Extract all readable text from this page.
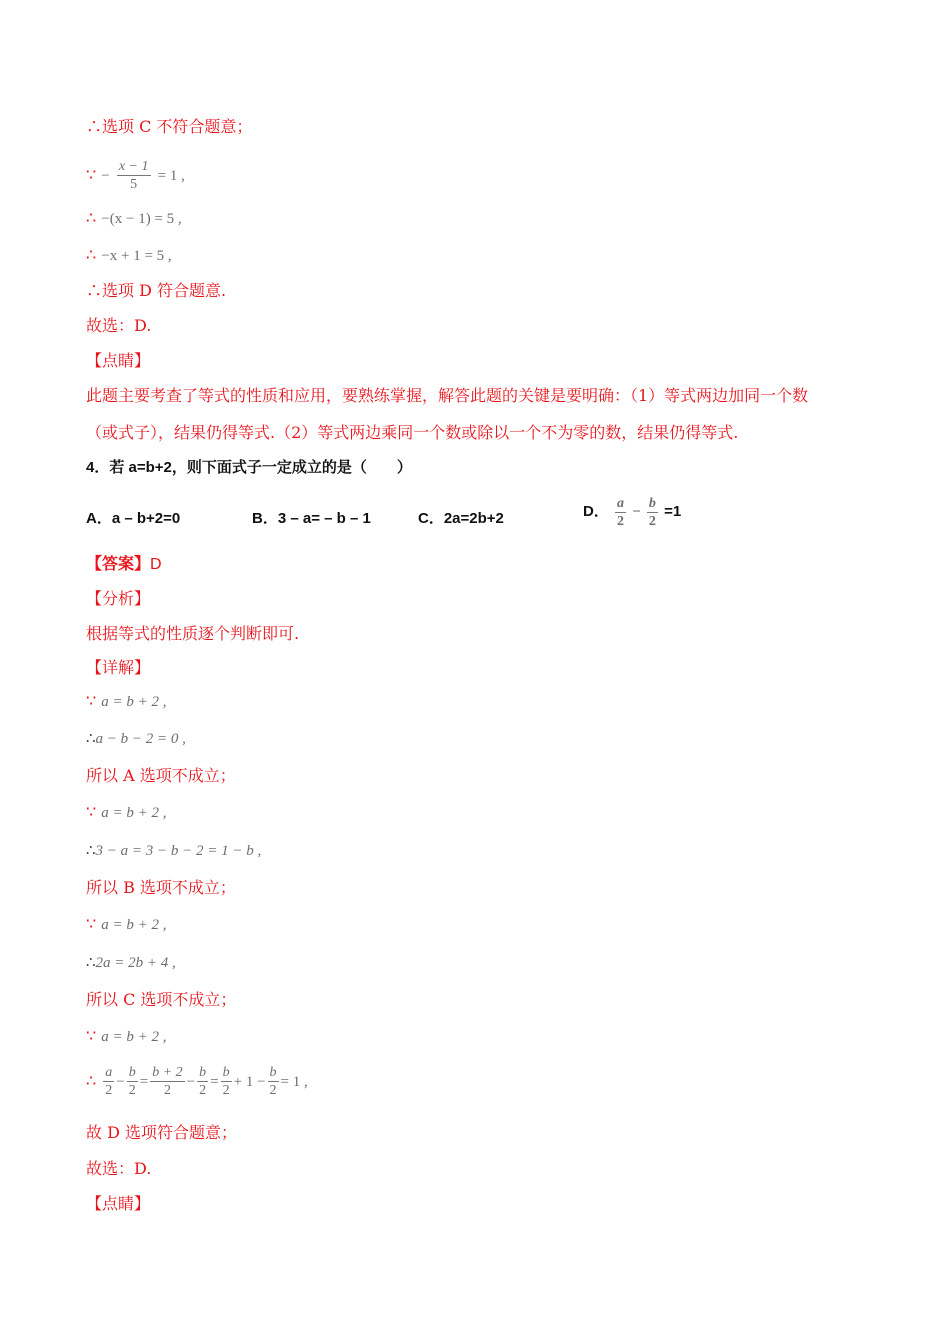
∴选项 C 不符合题意；
∵ − $\frac{x - 1}{5} = 1$ ,
∴ −(x − 1) = 5 ,
∴ −x + 1 = 5 ,
∴选项 D 符合题意.
故选：D.
【点睛】
此题主要考查了等式的性质和应用，要熟练掌握，解答此题的关键是要明确：（1）等式两边加同一个数
（或式子），结果仍得等式.（2）等式两边乘同一个数或除以一个不为零的数，结果仍得等式.
4．若 a=b+2，则下面式子一定成立的是（　　）
A．a – b+2=0	B．3 – a= – b – 1	C．2a=2b+2	D． $\frac{a}{2} - \frac{b}{2} =1$
【答案】D
【分析】
根据等式的性质逐个判断即可.
【详解】
∵ a = b + 2 ,
∴a − b − 2 = 0 ,
所以 A 选项不成立；
∵ a = b + 2 ,
∴3 − a = 3 − b − 2 = 1 − b ,
所以 B 选项不成立；
∵ a = b + 2 ,
∴2a = 2b + 4 ,
所以 C 选项不成立；
∵ a = b + 2 ,
∴ $\frac{a}{2} - \frac{b}{2} = \frac{b + 2}{2} - \frac{b}{2} = \frac{b}{2} + 1 - \frac{b}{2} = 1$ ,
故 D 选项符合题意；
故选：D.
【点睛】
